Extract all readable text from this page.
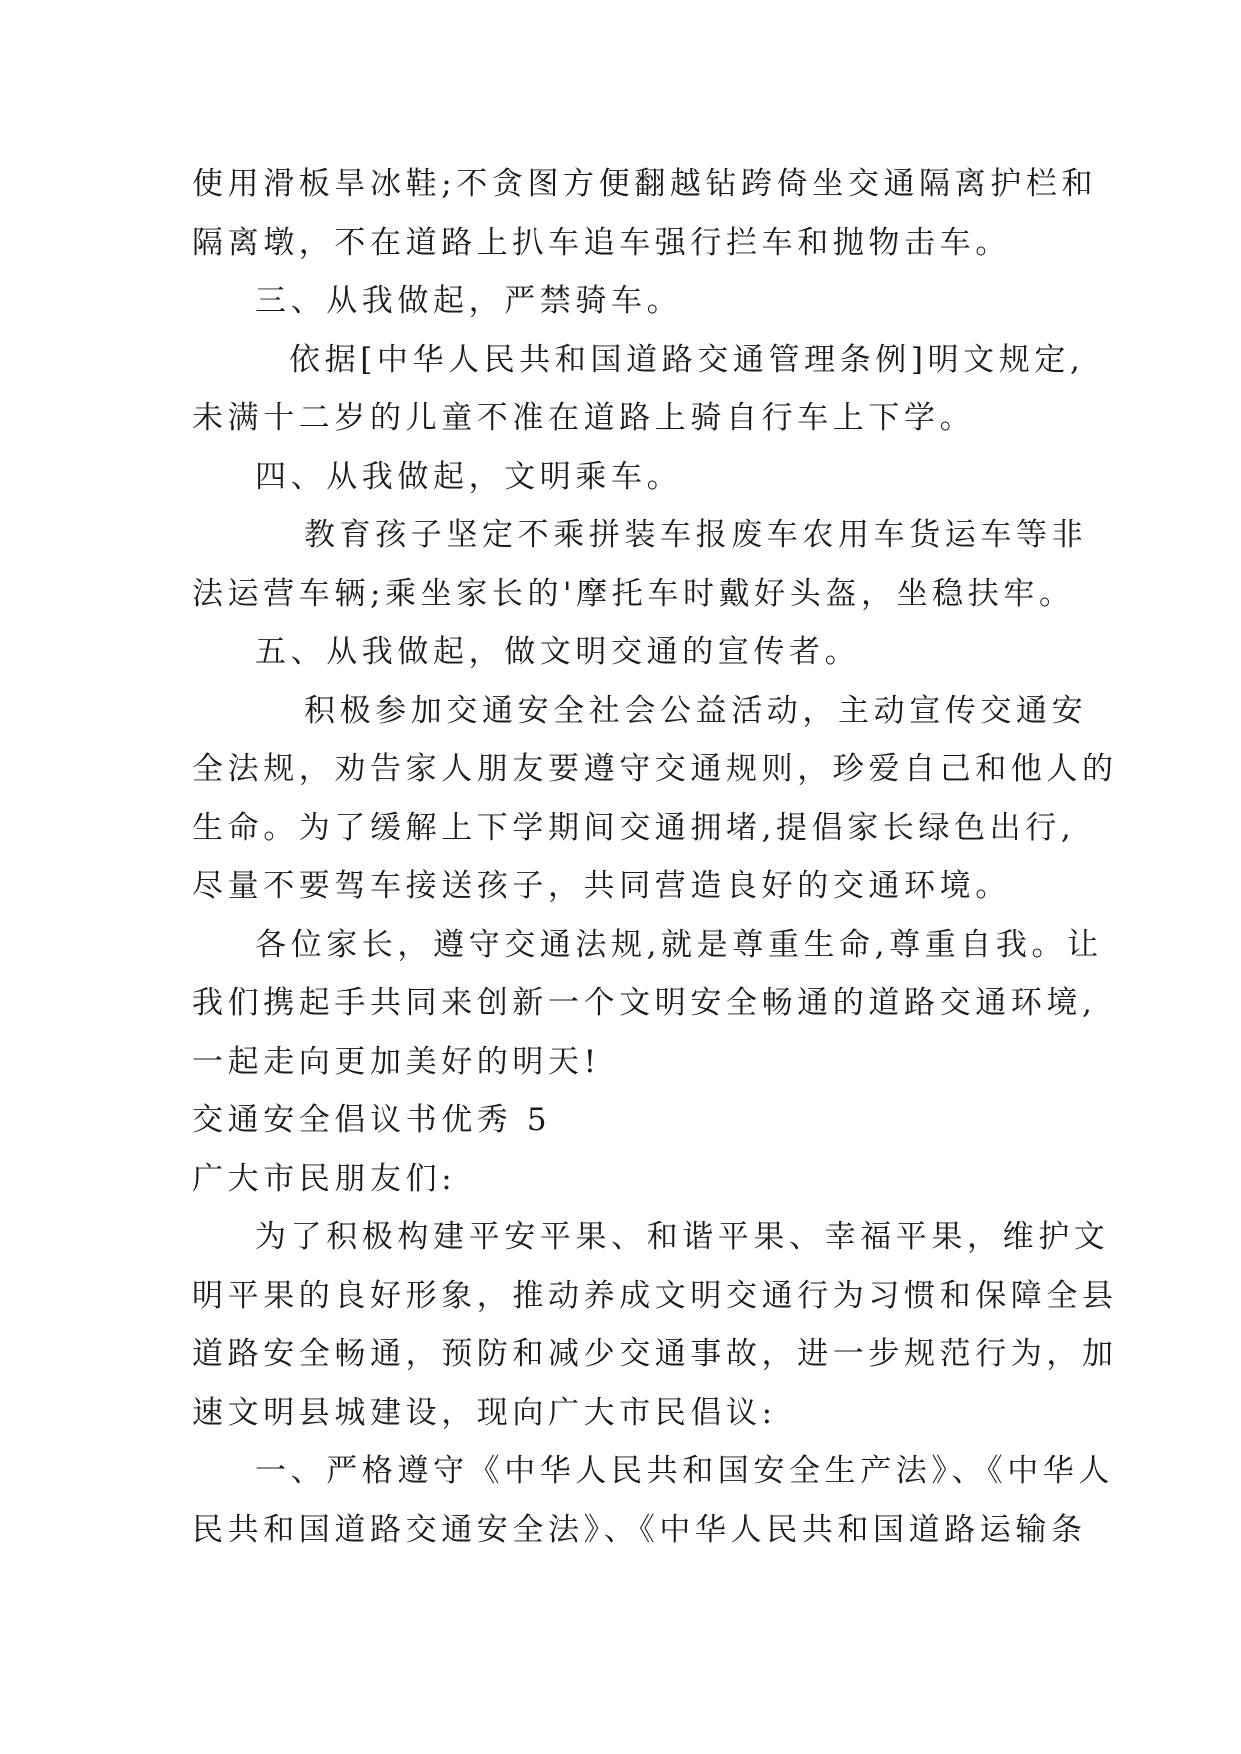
使用滑板旱冰鞋;不贪图方便翻越钻跨倚坐交通隔离护栏和
隔离墩，不在道路上扒车追车强行拦车和抛物击车。
三、从我做起，严禁骑车。
依据[中华人民共和国道路交通管理条例]明文规定,
未满十二岁的儿童不准在道路上骑自行车上下学。
四、从我做起，文明乘车。
教育孩子坚定不乘拼装车报废车农用车货运车等非
法运营车辆;乘坐家长的'摩托车时戴好头盔，坐稳扶牢。
五、从我做起，做文明交通的宣传者。
积极参加交通安全社会公益活动，主动宣传交通安
全法规，劝告家人朋友要遵守交通规则，珍爱自己和他人的
生命。为了缓解上下学期间交通拥堵,提倡家长绿色出行,
尽量不要驾车接送孩子，共同营造良好的交通环境。
各位家长，遵守交通法规,就是尊重生命,尊重自我。让
我们携起手共同来创新一个文明安全畅通的道路交通环境,
一起走向更加美好的明天!
交通安全倡议书优秀 5
广大市民朋友们:
为了积极构建平安平果、和谐平果、幸福平果，维护文
明平果的良好形象，推动养成文明交通行为习惯和保障全县
道路安全畅通，预防和减少交通事故，进一步规范行为，加
速文明县城建设，现向广大市民倡议:
一、严格遵守《中华人民共和国安全生产法》、《中华人
民共和国道路交通安全法》、《中华人民共和国道路运输条
